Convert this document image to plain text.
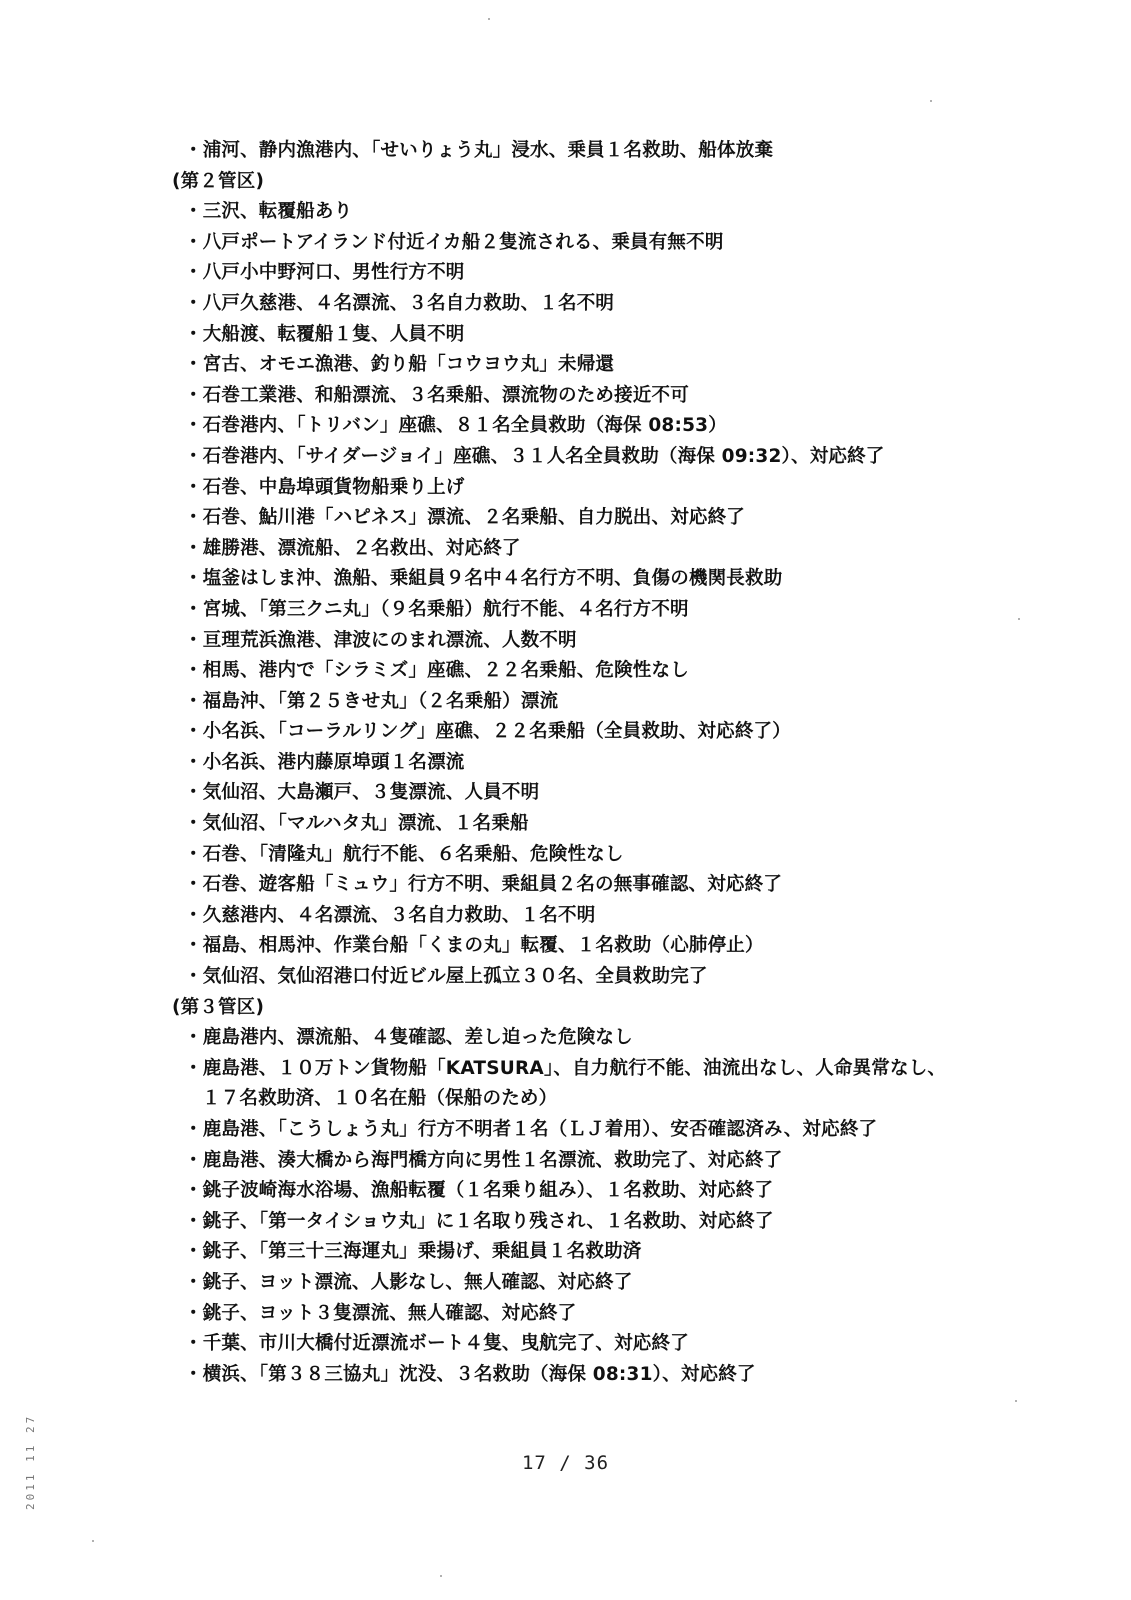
・浦河、静内漁港内、「せいりょう丸」浸水、乗員１名救助、船体放棄
(第２管区)
・三沢、転覆船あり
・八戸ポートアイランド付近イカ船２隻流される、乗員有無不明
・八戸小中野河口、男性行方不明
・八戸久慈港、４名漂流、３名自力救助、１名不明
・大船渡、転覆船１隻、人員不明
・宮古、オモエ漁港、釣り船「コウヨウ丸」未帰還
・石巻工業港、和船漂流、３名乗船、漂流物のため接近不可
・石巻港内、「トリバン」座礁、８１名全員救助（海保 08:53）
・石巻港内、「サイダージョイ」座礁、３１人名全員救助（海保 09:32）、対応終了
・石巻、中島埠頭貨物船乗り上げ
・石巻、鮎川港「ハピネス」漂流、２名乗船、自力脱出、対応終了
・雄勝港、漂流船、２名救出、対応終了
・塩釜はしま沖、漁船、乗組員９名中４名行方不明、負傷の機関長救助
・宮城、「第三クニ丸」（９名乗船）航行不能、４名行方不明
・亘理荒浜漁港、津波にのまれ漂流、人数不明
・相馬、港内で「シラミズ」座礁、２２名乗船、危険性なし
・福島沖、「第２５きせ丸」（２名乗船）漂流
・小名浜、「コーラルリング」座礁、２２名乗船（全員救助、対応終了）
・小名浜、港内藤原埠頭１名漂流
・気仙沼、大島瀬戸、３隻漂流、人員不明
・気仙沼、「マルハタ丸」漂流、１名乗船
・石巻、「清隆丸」航行不能、６名乗船、危険性なし
・石巻、遊客船「ミュウ」行方不明、乗組員２名の無事確認、対応終了
・久慈港内、４名漂流、３名自力救助、１名不明
・福島、相馬沖、作業台船「くまの丸」転覆、１名救助（心肺停止）
・気仙沼、気仙沼港口付近ビル屋上孤立３０名、全員救助完了
(第３管区)
・鹿島港内、漂流船、４隻確認、差し迫った危険なし
・鹿島港、１０万トン貨物船「KATSURA」、自力航行不能、油流出なし、人命異常なし、
１７名救助済、１０名在船（保船のため）
・鹿島港、「こうしょう丸」行方不明者１名（ＬＪ着用）、安否確認済み、対応終了
・鹿島港、湊大橋から海門橋方向に男性１名漂流、救助完了、対応終了
・銚子波崎海水浴場、漁船転覆（１名乗り組み）、１名救助、対応終了
・銚子、「第一タイショウ丸」に１名取り残され、１名救助、対応終了
・銚子、「第三十三海運丸」乗揚げ、乗組員１名救助済
・銚子、ヨット漂流、人影なし、無人確認、対応終了
・銚子、ヨット３隻漂流、無人確認、対応終了
・千葉、市川大橋付近漂流ボート４隻、曳航完了、対応終了
・横浜、「第３８三協丸」沈没、３名救助（海保 08:31）、対応終了
17 / 36
2011 11 27
